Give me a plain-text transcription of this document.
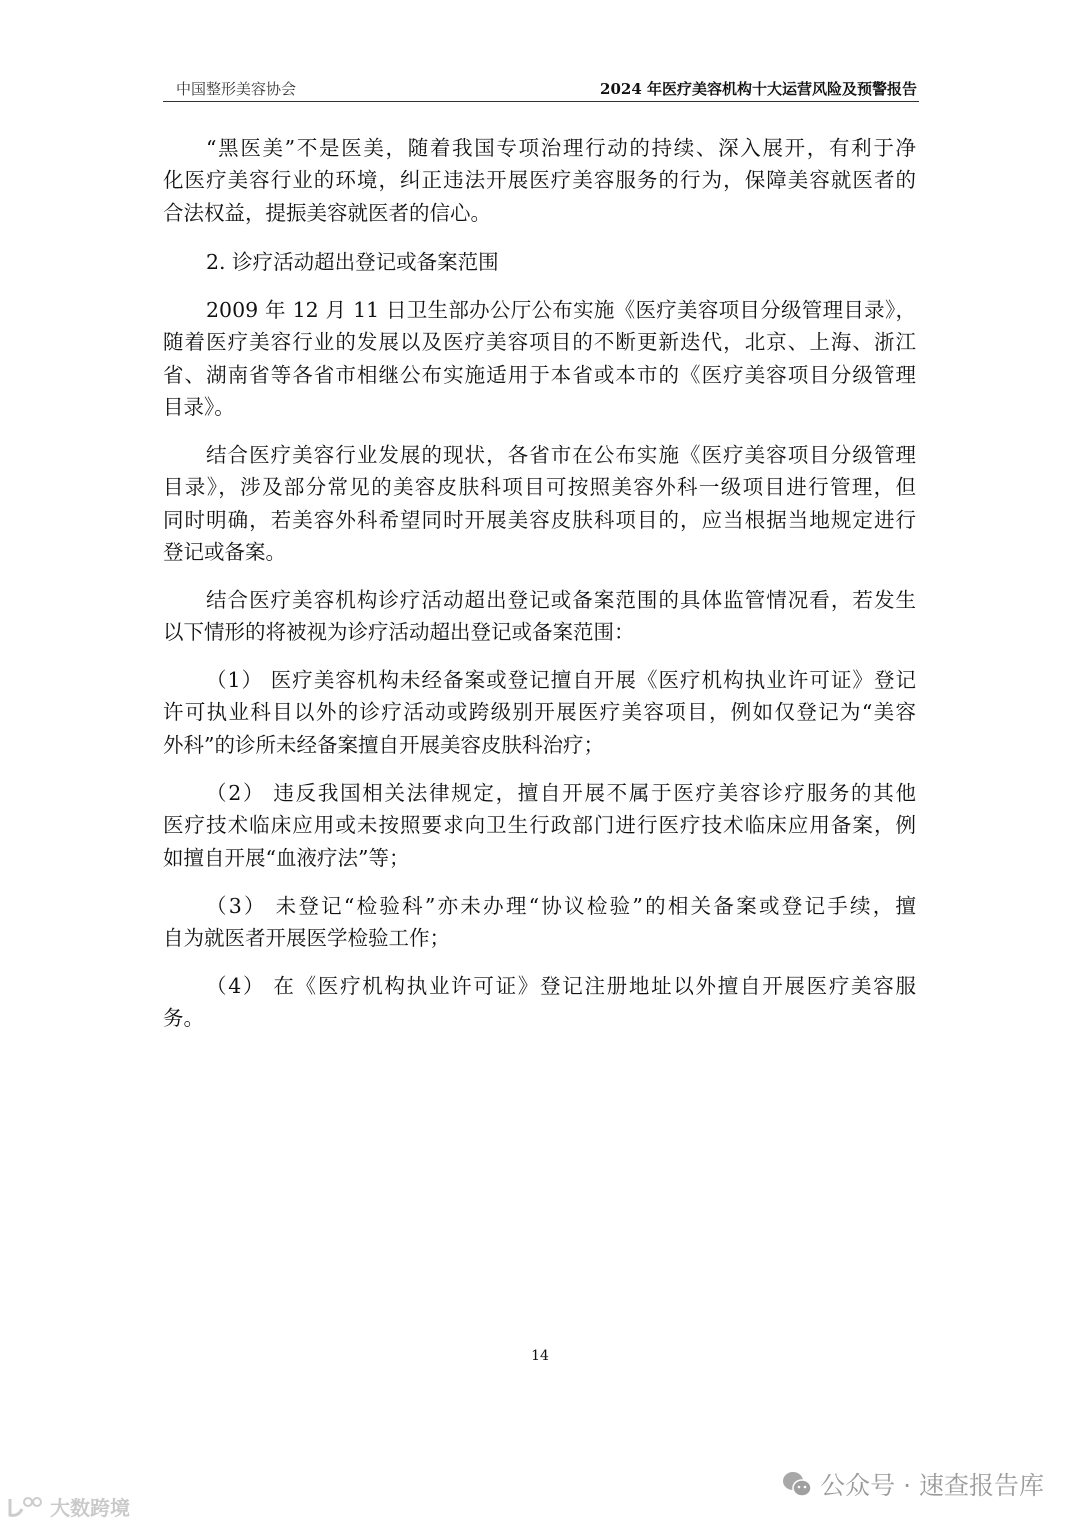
中国整形美容协会	2024 年医疗美容机构十大运营风险及预警报告
“黑医美”不是医美，随着我国专项治理行动的持续、深入展开，有利于净
化医疗美容行业的环境，纠正违法开展医疗美容服务的行为，保障美容就医者的
合法权益，提振美容就医者的信心。
2. 诊疗活动超出登记或备案范围
2009 年 12 月 11 日卫生部办公厅公布实施《医疗美容项目分级管理目录》，
随着医疗美容行业的发展以及医疗美容项目的不断更新迭代，北京、上海、浙江
省、湖南省等各省市相继公布实施适用于本省或本市的《医疗美容项目分级管理
目录》。
结合医疗美容行业发展的现状，各省市在公布实施《医疗美容项目分级管理
目录》，涉及部分常见的美容皮肤科项目可按照美容外科一级项目进行管理，但
同时明确，若美容外科希望同时开展美容皮肤科项目的，应当根据当地规定进行
登记或备案。
结合医疗美容机构诊疗活动超出登记或备案范围的具体监管情况看，若发生
以下情形的将被视为诊疗活动超出登记或备案范围：
（1） 医疗美容机构未经备案或登记擅自开展《医疗机构执业许可证》登记
许可执业科目以外的诊疗活动或跨级别开展医疗美容项目，例如仅登记为“美容
外科”的诊所未经备案擅自开展美容皮肤科治疗；
（2） 违反我国相关法律规定，擅自开展不属于医疗美容诊疗服务的其他
医疗技术临床应用或未按照要求向卫生行政部门进行医疗技术临床应用备案，例
如擅自开展“血液疗法”等；
（3） 未登记“检验科”亦未办理“协议检验”的相关备案或登记手续，擅
自为就医者开展医学检验工作；
（4） 在《医疗机构执业许可证》登记注册地址以外擅自开展医疗美容服
务。
14
公众号 · 速查报告库
大数跨境
